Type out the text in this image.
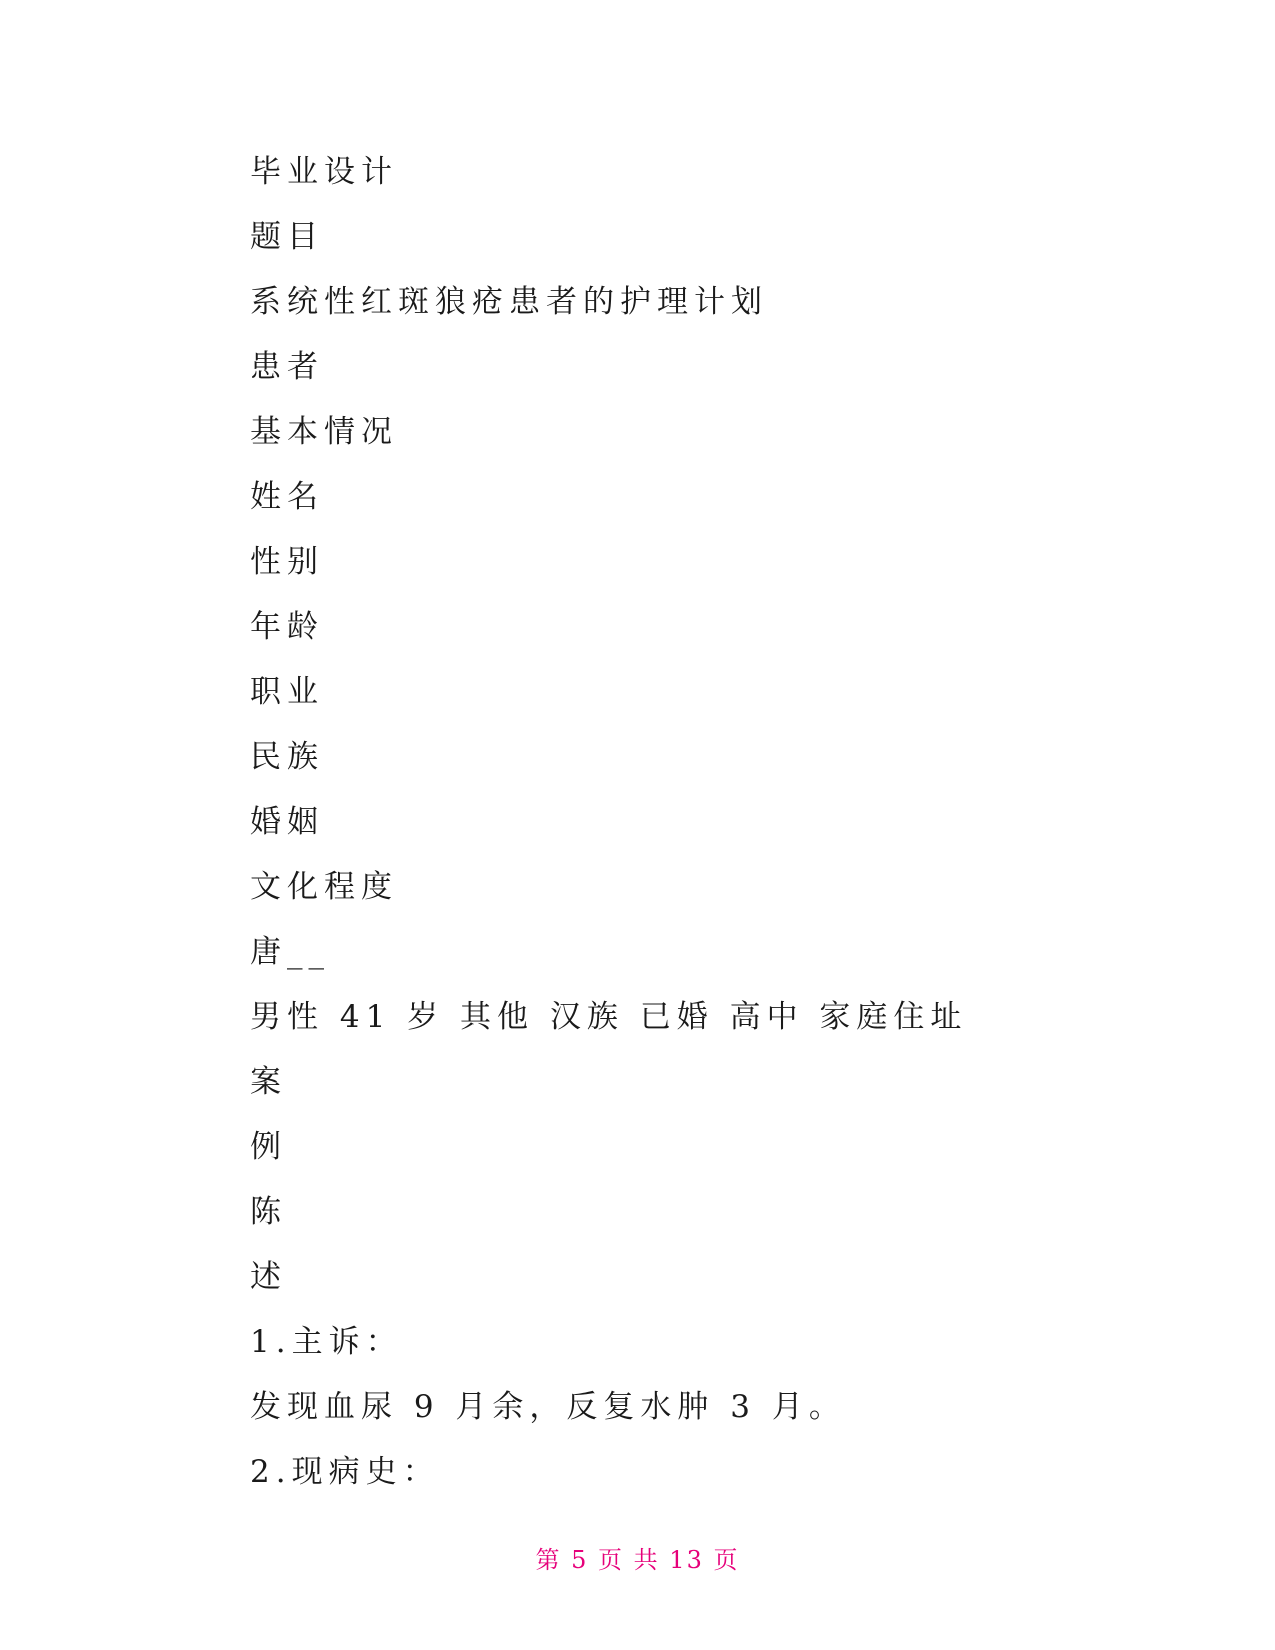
毕业设计
题目
系统性红斑狼疮患者的护理计划
患者
基本情况
姓名
性别
年龄
职业
民族
婚姻
文化程度
唐__
男性 41 岁 其他 汉族 已婚 高中 家庭住址
案
例
陈
述
1.主诉：
发现血尿 9 月余，反复水肿 3 月。
2.现病史：
第 5 页 共 13 页
